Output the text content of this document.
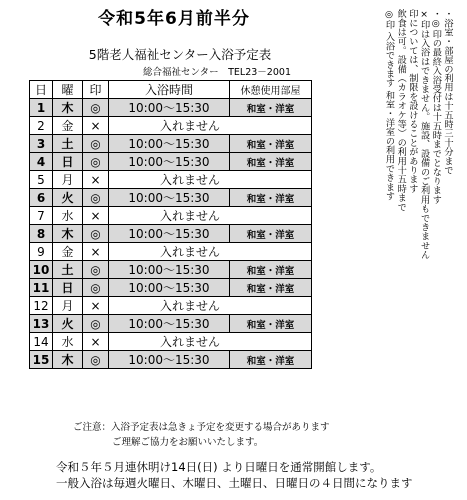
令和5年6月前半分
5階老人福祉センター入浴予定表
総合福祉センター　TEL23－2001
日	曜	印	入浴時間	休憩使用部屋
1	木	◎	10:00～15:30	和室・洋室
2	金	×	入れません	
3	土	◎	10:00～15:30	和室・洋室
4	日	◎	10:00～15:30	和室・洋室
5	月	×	入れません	
6	火	◎	10:00～15:30	和室・洋室
7	水	×	入れません	
8	木	◎	10:00～15:30	和室・洋室
9	金	×	入れません	
10	土	◎	10:00～15:30	和室・洋室
11	日	◎	10:00～15:30	和室・洋室
12	月	×	入れません	
13	火	◎	10:00～15:30	和室・洋室
14	水	×	入れません	
15	木	◎	10:00～15:30	和室・洋室

・浴室・部屋の利用は十五時三十分まで

・◎印の最終入浴受付は十五時までとなります

×印は入浴はできません。施設、設備のご利用もできません

印については、制限を設けることがあります

飲食は可。設備（カラオケ等）の利用十五時まで

◎印 入浴できます 和室・洋室の利用できます

ご注意：入浴予定表は急きょ予定を変更する場合があります
ご理解ご協力をお願いいたします。
令和５年５月連休明け14日(日) より日曜日を通常開館します。
一般入浴は毎週火曜日、木曜日、土曜日、日曜日の４日間になります
